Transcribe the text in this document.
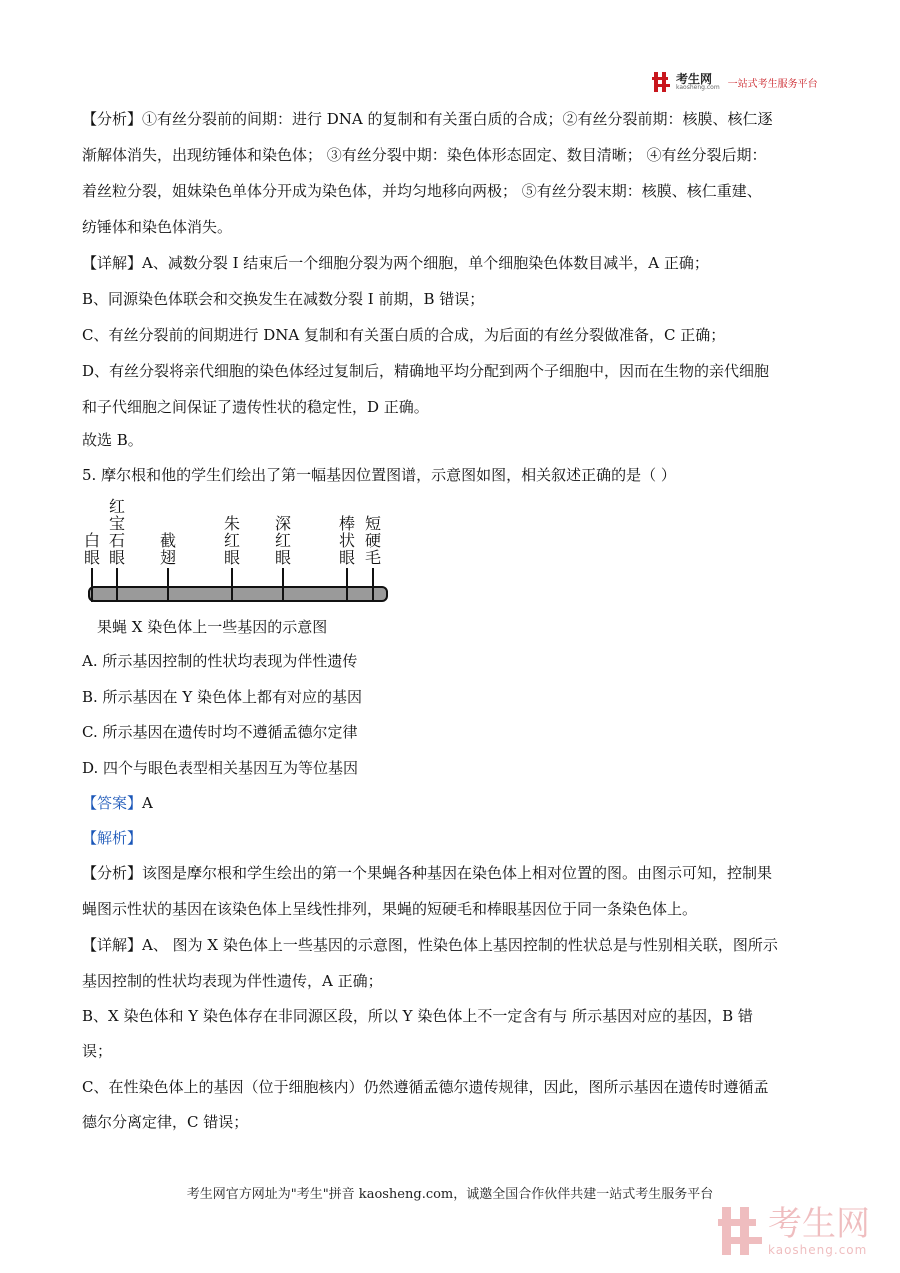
考生网
kaosheng.com 一站式考生服务平台
【分析】①有丝分裂前的间期：进行 DNA 的复制和有关蛋白质的合成；②有丝分裂前期：核膜、核仁逐
渐解体消失，出现纺锤体和染色体； ③有丝分裂中期：染色体形态固定、数目清晰； ④有丝分裂后期：
着丝粒分裂，姐妹染色单体分开成为染色体，并均匀地移向两极； ⑤有丝分裂末期：核膜、核仁重建、
纺锤体和染色体消失。
【详解】A、减数分裂 I 结束后一个细胞分裂为两个细胞，单个细胞染色体数目减半，A 正确；
B、同源染色体联会和交换发生在减数分裂 I 前期，B 错误；
C、有丝分裂前的间期进行 DNA 复制和有关蛋白质的合成，为后面的有丝分裂做准备，C 正确；
D、有丝分裂将亲代细胞的染色体经过复制后，精确地平均分配到两个子细胞中，因而在生物的亲代细胞
和子代细胞之间保证了遗传性状的稳定性，D 正确。
故选 B。
5. 摩尔根和他的学生们绘出了第一幅基因位置图谱，示意图如图，相关叙述正确的是（ ）
白
眼
红
宝
石
眼
截
翅
朱
红
眼
深
红
眼
棒
状
眼
短
硬
毛
果蝇 X 染色体上一些基因的示意图
A. 所示基因控制的性状均表现为伴性遗传
B. 所示基因在 Y 染色体上都有对应的基因
C. 所示基因在遗传时均不遵循孟德尔定律
D. 四个与眼色表型相关基因互为等位基因
【答案】A
【解析】
【分析】该图是摩尔根和学生绘出的第一个果蝇各种基因在染色体上相对位置的图。由图示可知，控制果
蝇图示性状的基因在该染色体上呈线性排列，果蝇的短硬毛和棒眼基因位于同一条染色体上。
【详解】A、 图为 X 染色体上一些基因的示意图，性染色体上基因控制的性状总是与性别相关联，图所示
基因控制的性状均表现为伴性遗传，A 正确；
B、X 染色体和 Y 染色体存在非同源区段，所以 Y 染色体上不一定含有与 所示基因对应的基因，B 错
误；
C、在性染色体上的基因（位于细胞核内）仍然遵循孟德尔遗传规律，因此，图所示基因在遗传时遵循孟
德尔分离定律，C 错误；
考生网官方网址为"考生"拼音 kaosheng.com，诚邀全国合作伙伴共建一站式考生服务平台
考生网
kaosheng.com
